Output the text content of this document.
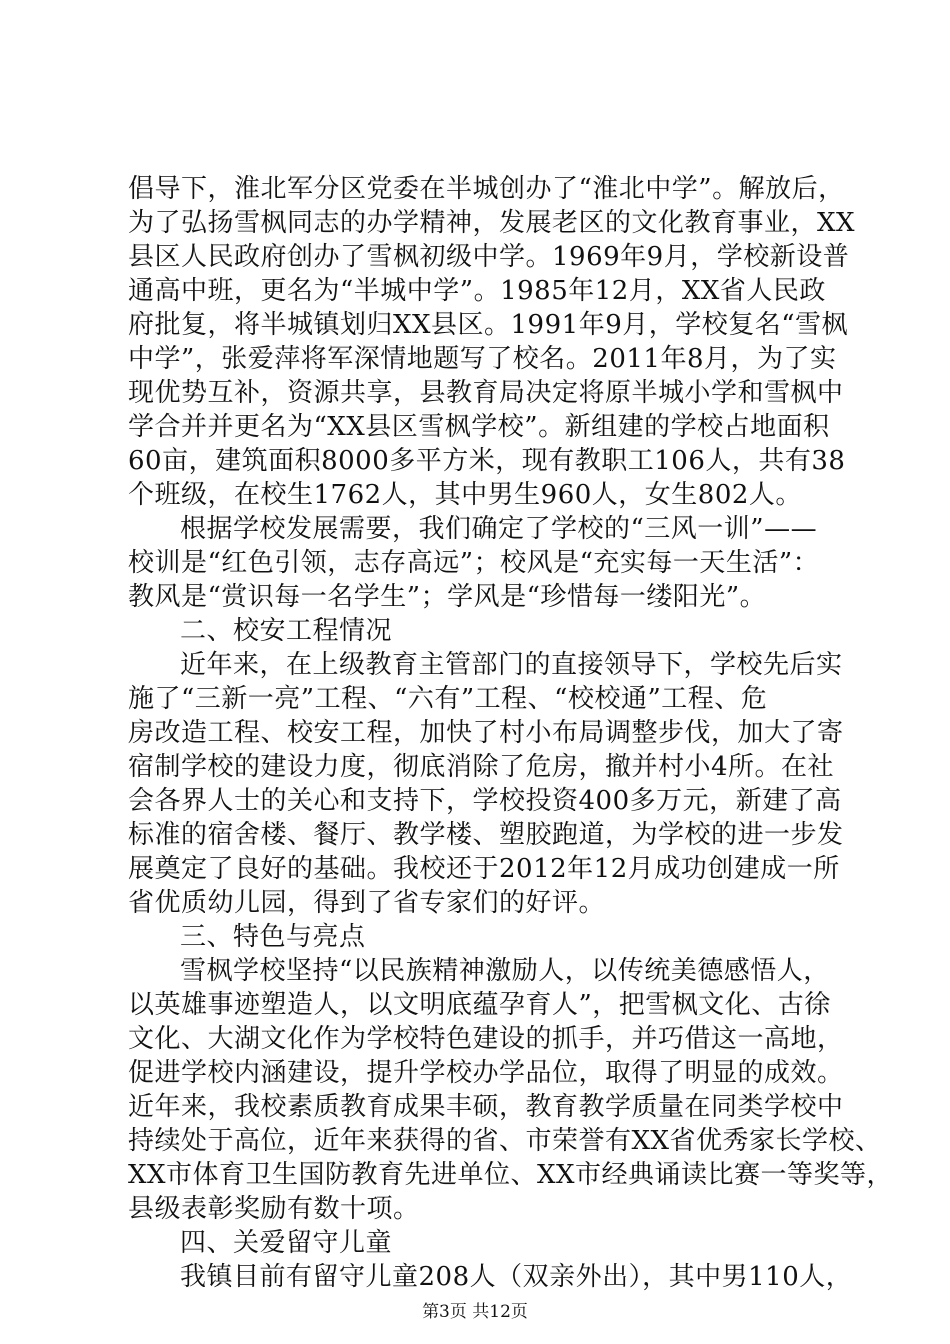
倡导下，淮北军分区党委在半城创办了“淮北中学”。解放后，
为了弘扬雪枫同志的办学精神，发展老区的文化教育事业，XX
县区人民政府创办了雪枫初级中学。1969年9月，学校新设普
通高中班，更名为“半城中学”。1985年12月，XX省人民政
府批复，将半城镇划归XX县区。1991年9月，学校复名“雪枫
中学”，张爱萍将军深情地题写了校名。2011年8月，为了实
现优势互补，资源共享，县教育局决定将原半城小学和雪枫中
学合并并更名为“XX县区雪枫学校”。新组建的学校占地面积
60亩，建筑面积8000多平方米，现有教职工106人，共有38
个班级，在校生1762人，其中男生960人，女生802人。
根据学校发展需要，我们确定了学校的“三风一训”——
校训是“红色引领，志存高远”；校风是“充实每一天生活”：
教风是“赏识每一名学生”；学风是“珍惜每一缕阳光”。
二、校安工程情况
近年来，在上级教育主管部门的直接领导下，学校先后实
施了“三新一亮”工程、“六有”工程、“校校通”工程、危
房改造工程、校安工程，加快了村小布局调整步伐，加大了寄
宿制学校的建设力度，彻底消除了危房，撤并村小4所。在社
会各界人士的关心和支持下，学校投资400多万元，新建了高
标准的宿舍楼、餐厅、教学楼、塑胶跑道，为学校的进一步发
展奠定了良好的基础。我校还于2012年12月成功创建成一所
省优质幼儿园，得到了省专家们的好评。
三、特色与亮点
雪枫学校坚持“以民族精神激励人，以传统美德感悟人，
以英雄事迹塑造人，以文明底蕴孕育人”，把雪枫文化、古徐
文化、大湖文化作为学校特色建设的抓手，并巧借这一高地，
促进学校内涵建设，提升学校办学品位，取得了明显的成效。
近年来，我校素质教育成果丰硕，教育教学质量在同类学校中
持续处于高位，近年来获得的省、市荣誉有XX省优秀家长学校、
XX市体育卫生国防教育先进单位、XX市经典诵读比赛一等奖等，
县级表彰奖励有数十项。
四、关爱留守儿童
我镇目前有留守儿童208人（双亲外出），其中男110人，
第3页 共12页
